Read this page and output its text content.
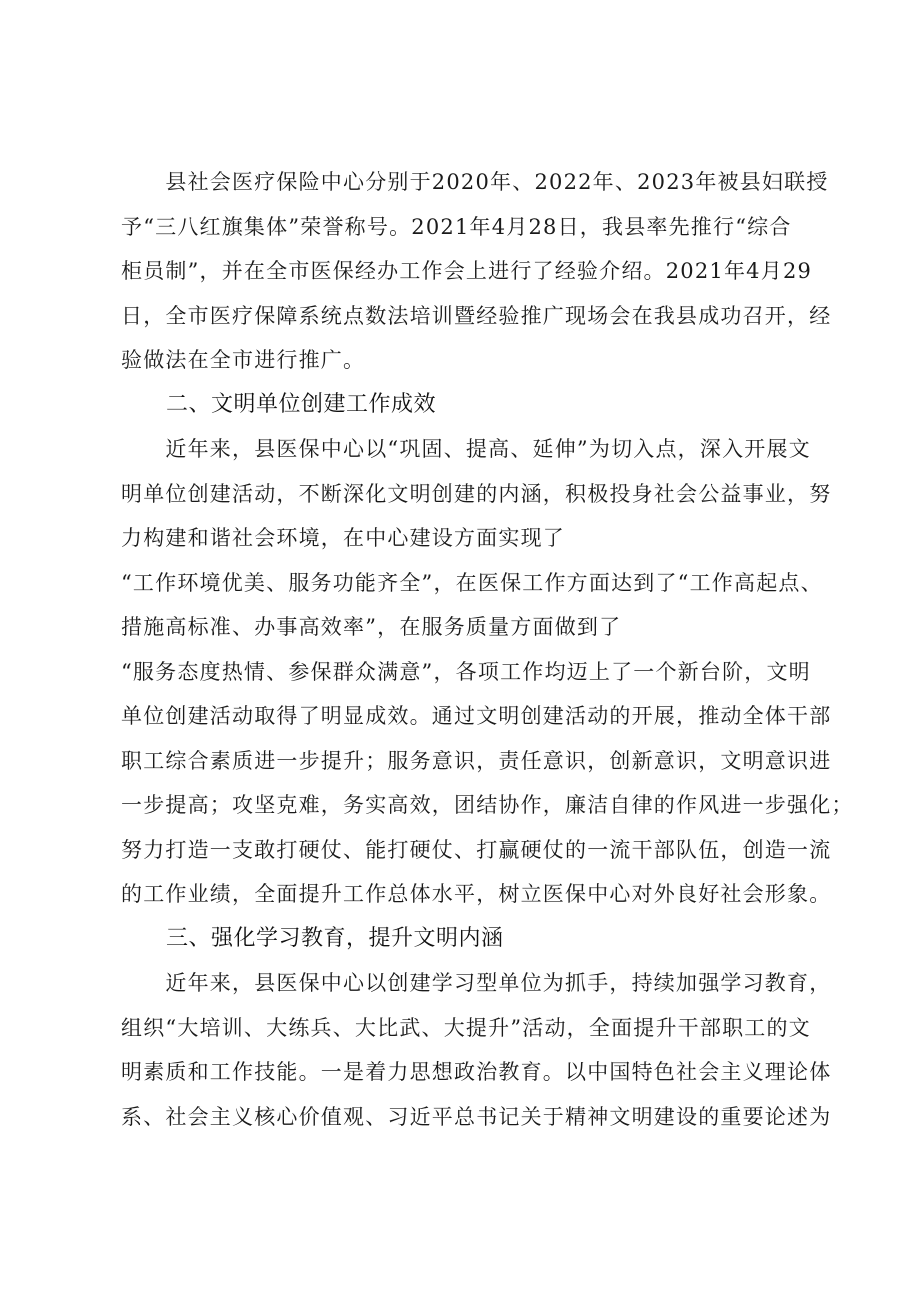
　　县社会医疗保险中心分别于2020年、2022年、2023年被县妇联授
予“三八红旗集体”荣誉称号。2021年4月28日，我县率先推行“综合
柜员制”，并在全市医保经办工作会上进行了经验介绍。2021年4月29
日，全市医疗保障系统点数法培训暨经验推广现场会在我县成功召开，经
验做法在全市进行推广。
　　二、文明单位创建工作成效
　　近年来，县医保中心以“巩固、提高、延伸”为切入点，深入开展文
明单位创建活动，不断深化文明创建的内涵，积极投身社会公益事业，努
力构建和谐社会环境，在中心建设方面实现了
“工作环境优美、服务功能齐全”，在医保工作方面达到了“工作高起点、
措施高标准、办事高效率”，在服务质量方面做到了
“服务态度热情、参保群众满意”，各项工作均迈上了一个新台阶，文明
单位创建活动取得了明显成效。通过文明创建活动的开展，推动全体干部
职工综合素质进一步提升；服务意识，责任意识，创新意识，文明意识进
一步提高；攻坚克难，务实高效，团结协作，廉洁自律的作风进一步强化；
努力打造一支敢打硬仗、能打硬仗、打赢硬仗的一流干部队伍，创造一流
的工作业绩，全面提升工作总体水平，树立医保中心对外良好社会形象。
　　三、强化学习教育，提升文明内涵
　　近年来，县医保中心以创建学习型单位为抓手，持续加强学习教育，
组织“大培训、大练兵、大比武、大提升”活动，全面提升干部职工的文
明素质和工作技能。一是着力思想政治教育。以中国特色社会主义理论体
系、社会主义核心价值观、习近平总书记关于精神文明建设的重要论述为
